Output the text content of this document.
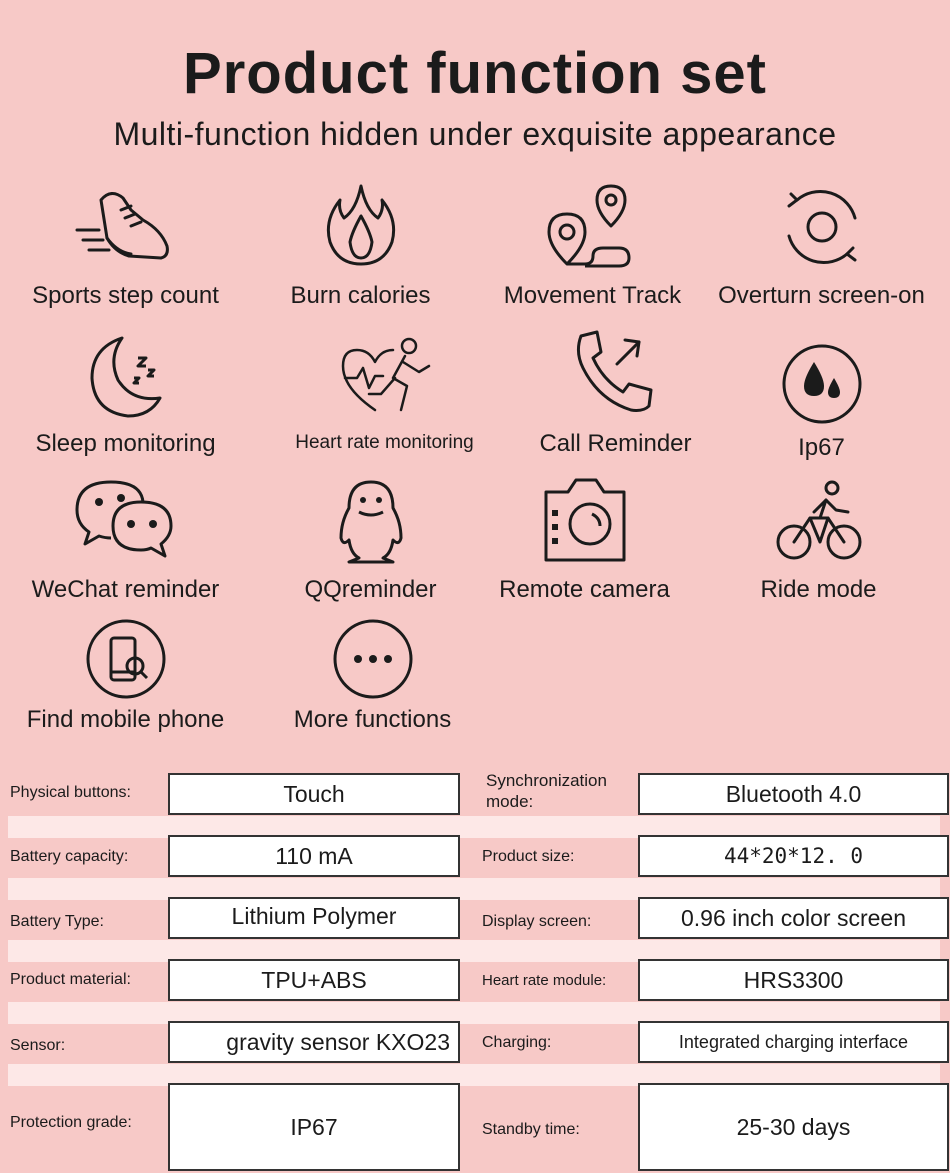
Product function set
Multi-function hidden under exquisite appearance
Sports step count	Burn calories	Movement Track	Overturn screen-on
Sleep monitoring	Heart rate monitoring	Call Reminder	Ip67
WeChat reminder	QQreminder	Remote camera	Ride mode
Find mobile phone	More functions
Physical buttons:	Touch
Battery capacity:	110 mA
Battery Type:	Lithium Polymer
Product material:	TPU+ABS
Sensor:	gravity sensor KXO23
Protection grade:	IP67
Synchronization mode:	Bluetooth 4.0
Product size:	44*20*12. 0
Display screen:	0.96 inch color screen
Heart rate module:	HRS3300
Charging:	Integrated charging interface
Standby time:	25-30 days
